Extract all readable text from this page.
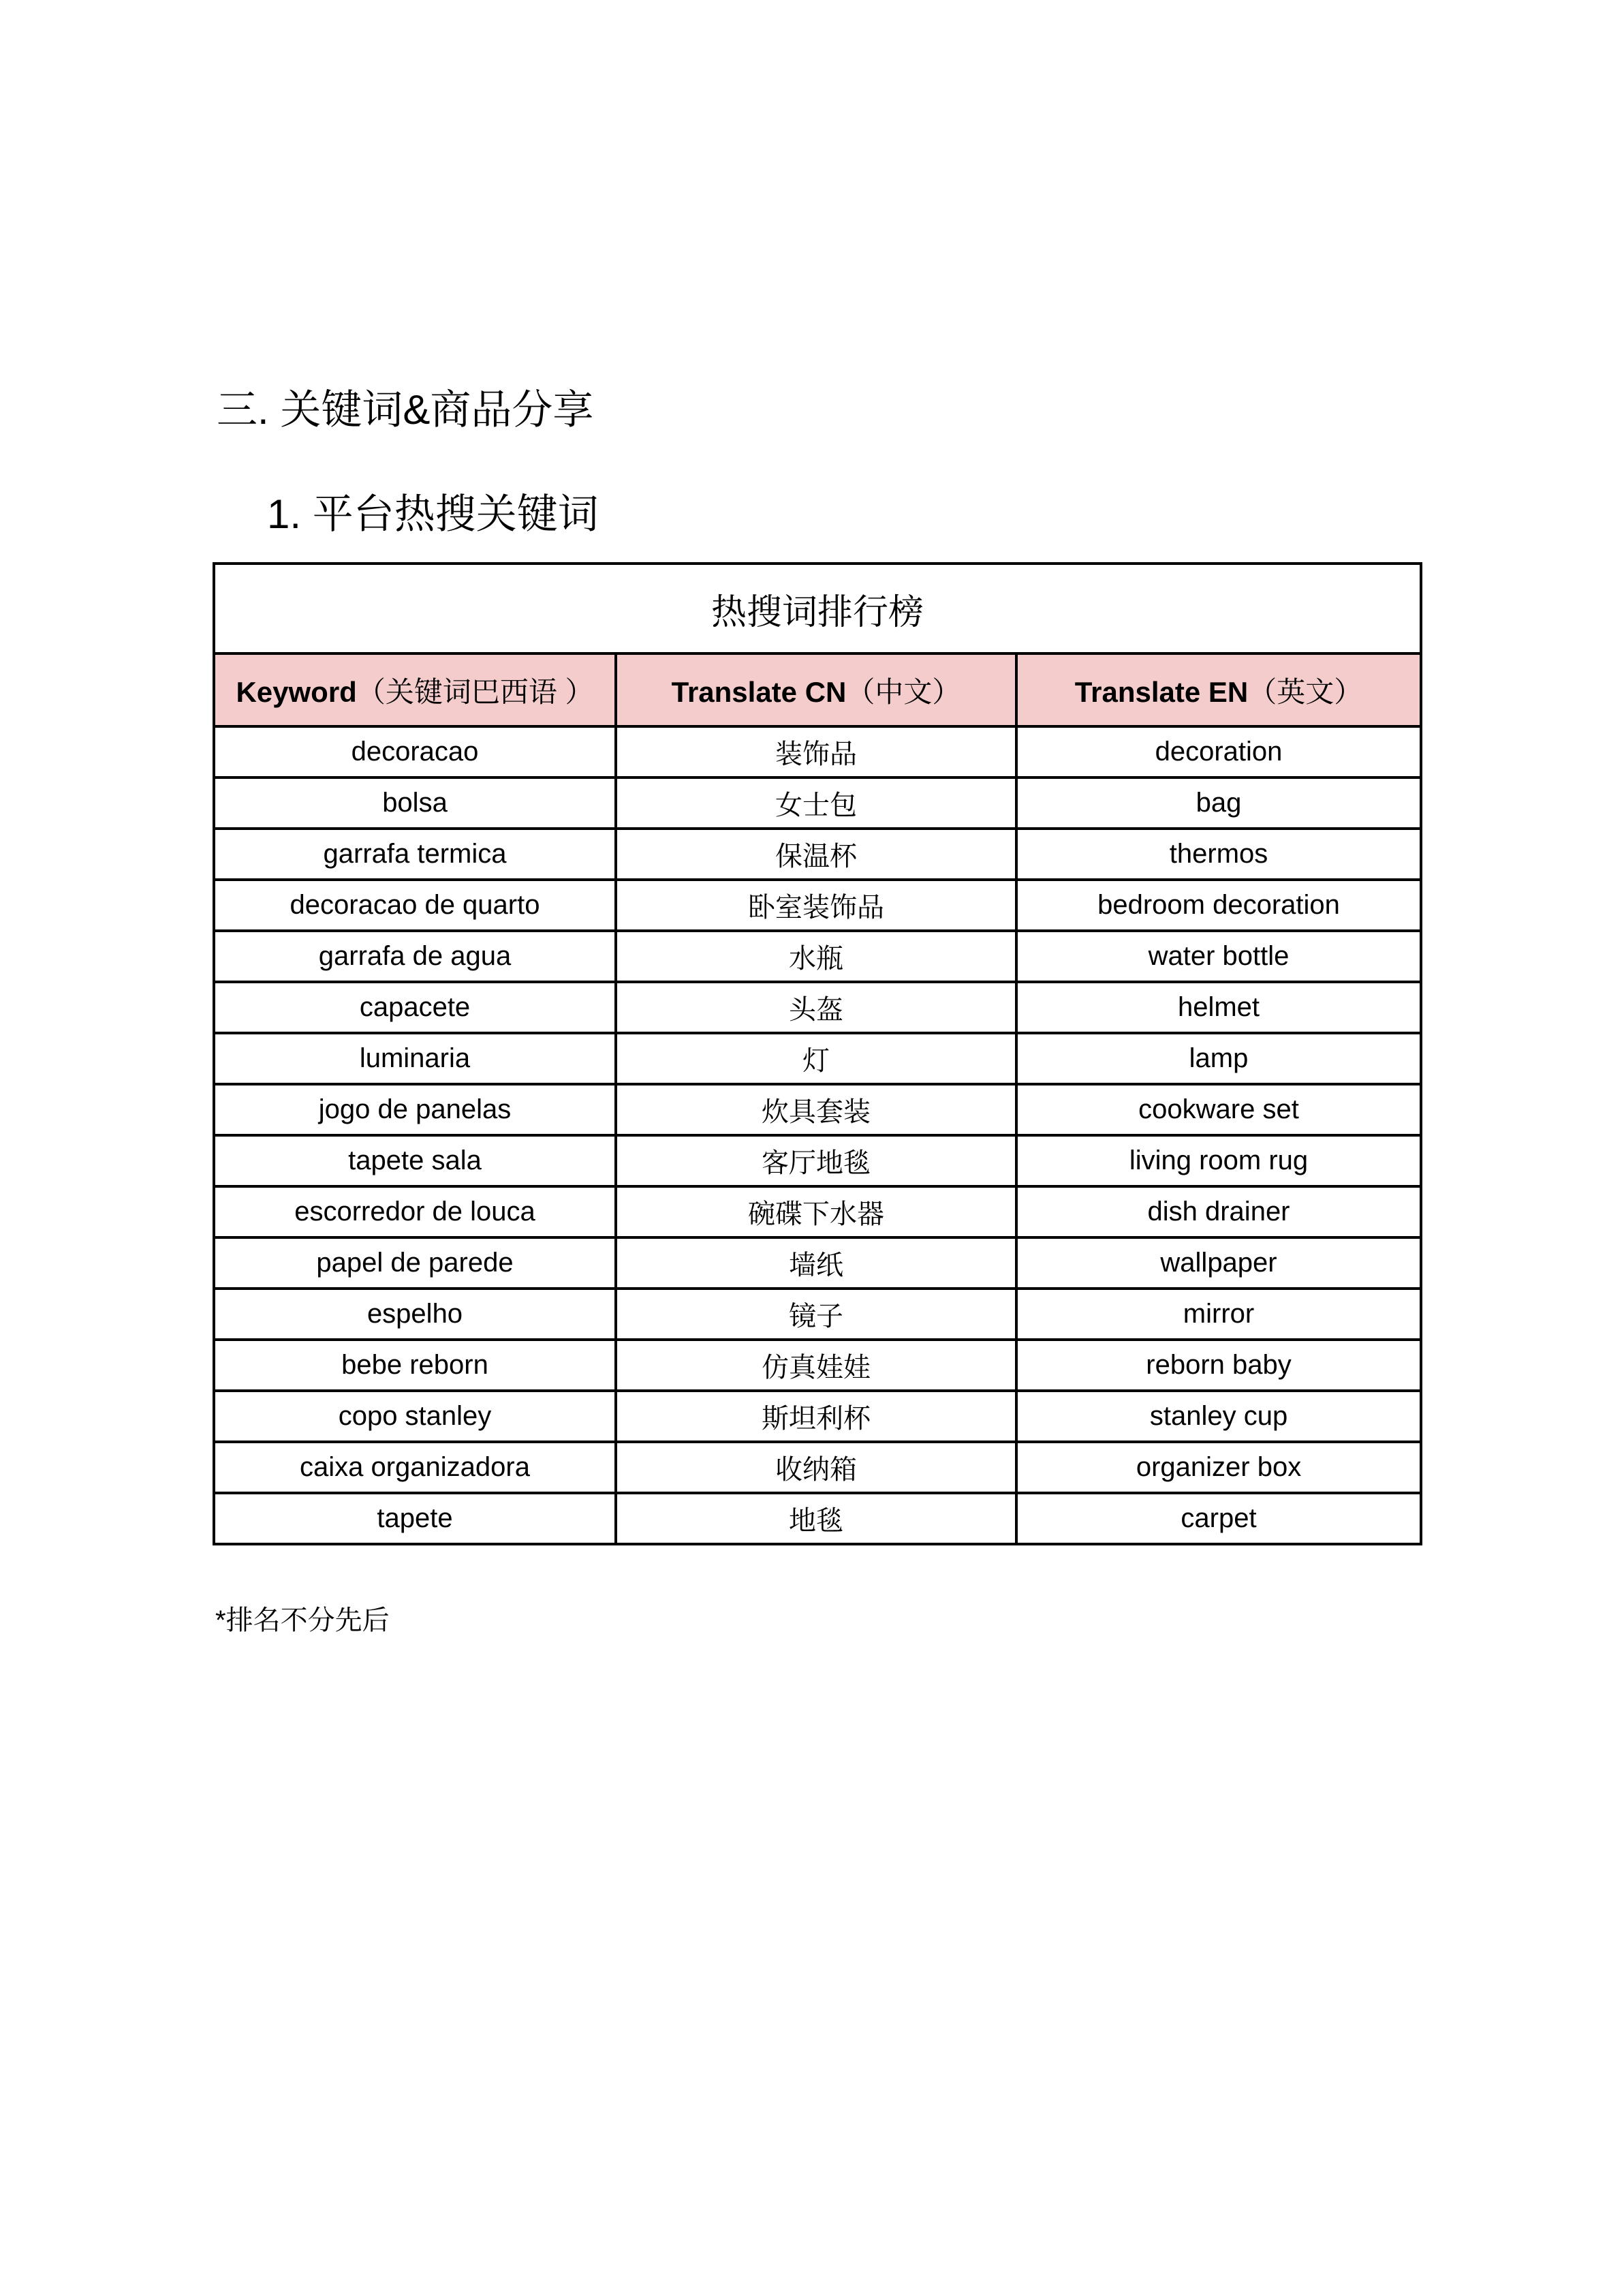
三. 关键词&商品分享
1. 平台热搜关键词
热搜词排行榜		
Keyword（关键词巴西语 ）	Translate CN（中文）	Translate EN（英文）
decoracao	装饰品	decoration
bolsa	女士包	bag
garrafa termica	保温杯	thermos
decoracao de quarto	卧室装饰品	bedroom decoration
garrafa de agua	水瓶	water bottle
capacete	头盔	helmet
luminaria	灯	lamp
jogo de panelas	炊具套装	cookware set
tapete sala	客厅地毯	living room rug
escorredor de louca	碗碟下水器	dish drainer
papel de parede	墙纸	wallpaper
espelho	镜子	mirror
bebe reborn	仿真娃娃	reborn baby
copo stanley	斯坦利杯	stanley cup
caixa organizadora	收纳箱	organizer box
tapete	地毯	carpet
*排名不分先后
